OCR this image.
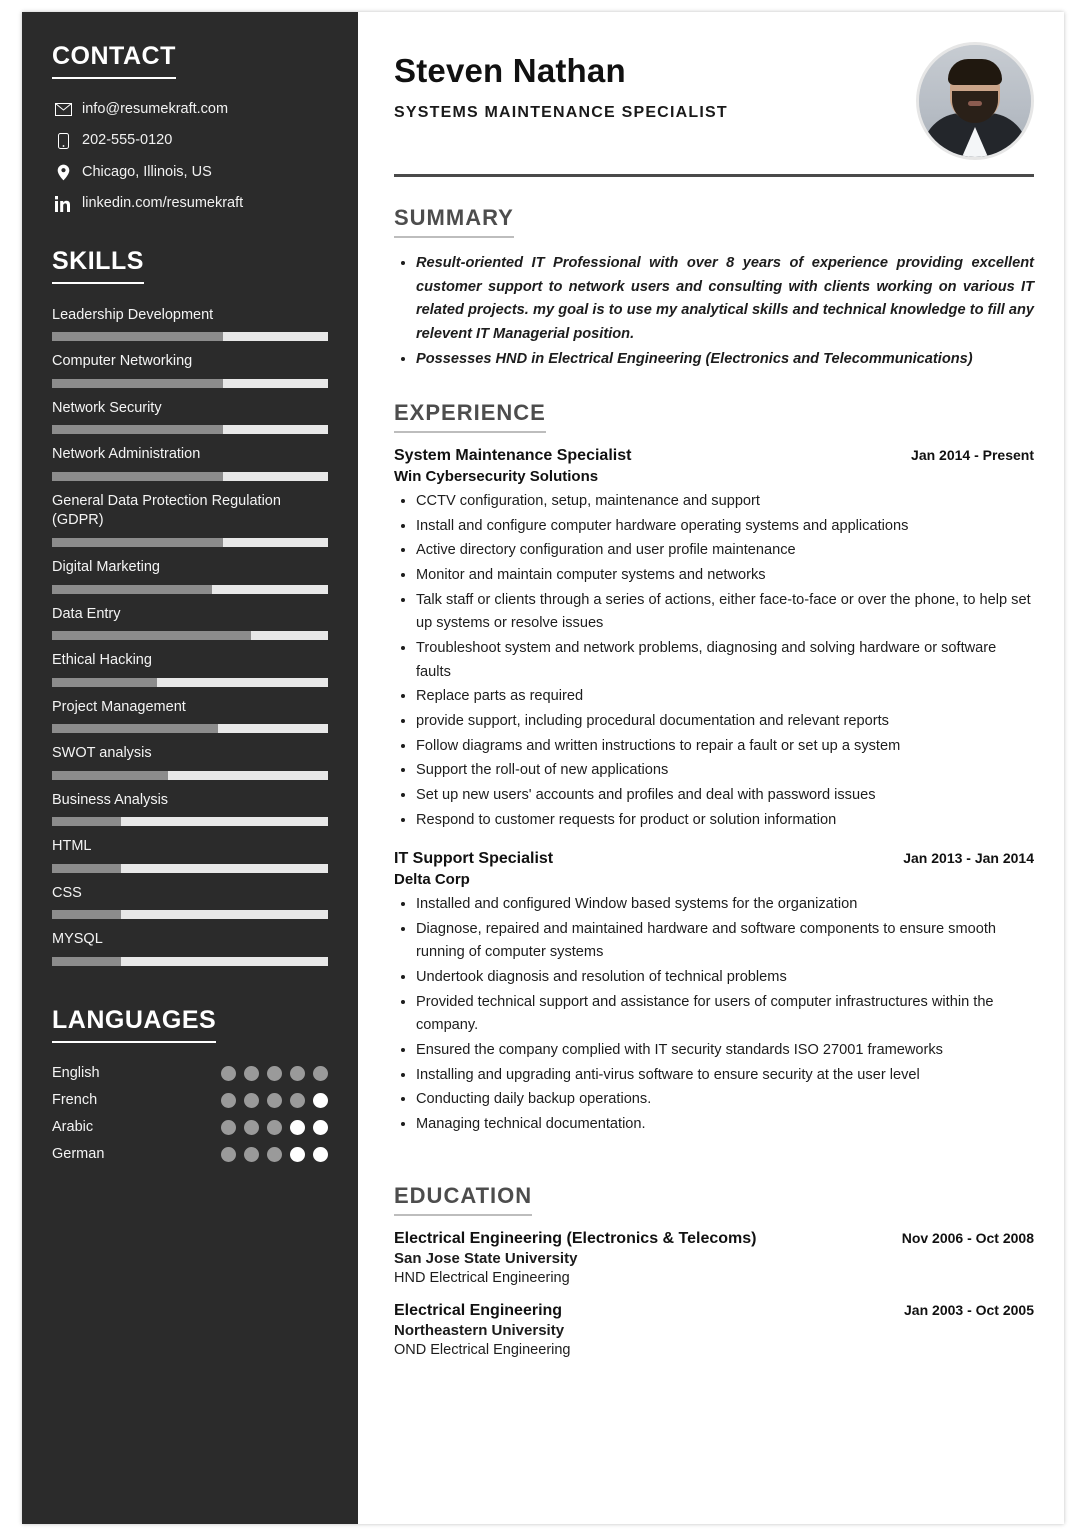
CONTACT
info@resumekraft.com
202-555-0120
Chicago, Illinois, US
linkedin.com/resumekraft
SKILLS
Leadership Development
Computer Networking
Network Security
Network Administration
General Data Protection Regulation (GDPR)
Digital Marketing
Data Entry
Ethical Hacking
Project Management
SWOT analysis
Business Analysis
HTML
CSS
MYSQL
LANGUAGES
English
French
Arabic
German
Steven Nathan
SYSTEMS MAINTENANCE SPECIALIST
SUMMARY
• Result-oriented IT Professional with over 8 years of experience providing excellent customer support to network users and consulting with clients working on various IT related projects. my goal is to use my analytical skills and technical knowledge to fill any relevent IT Managerial position.
• Possesses HND in Electrical Engineering (Electronics and Telecommunications)
EXPERIENCE
System Maintenance Specialist	Jan 2014 - Present
Win Cybersecurity Solutions
• CCTV configuration, setup, maintenance and support
• Install and configure computer hardware operating systems and applications
• Active directory configuration and user profile maintenance
• Monitor and maintain computer systems and networks
• Talk staff or clients through a series of actions, either face-to-face or over the phone, to help set up systems or resolve issues
• Troubleshoot system and network problems, diagnosing and solving hardware or software faults
• Replace parts as required
• provide support, including procedural documentation and relevant reports
• Follow diagrams and written instructions to repair a fault or set up a system
• Support the roll-out of new applications
• Set up new users' accounts and profiles and deal with password issues
• Respond to customer requests for product or solution information
IT Support Specialist	Jan 2013 - Jan 2014
Delta Corp
• Installed and configured Window based systems for the organization
• Diagnose, repaired and maintained hardware and software components to ensure smooth running of computer systems
• Undertook diagnosis and resolution of technical problems
• Provided technical support and assistance for users of computer infrastructures within the company.
• Ensured the company complied with IT security standards ISO 27001 frameworks
• Installing and upgrading anti-virus software to ensure security at the user level
• Conducting daily backup operations.
• Managing technical documentation.
EDUCATION
Electrical Engineering (Electronics & Telecoms)	Nov 2006 - Oct 2008
San Jose State University
HND Electrical Engineering
Electrical Engineering	Jan 2003 - Oct 2005
Northeastern University
OND Electrical Engineering
